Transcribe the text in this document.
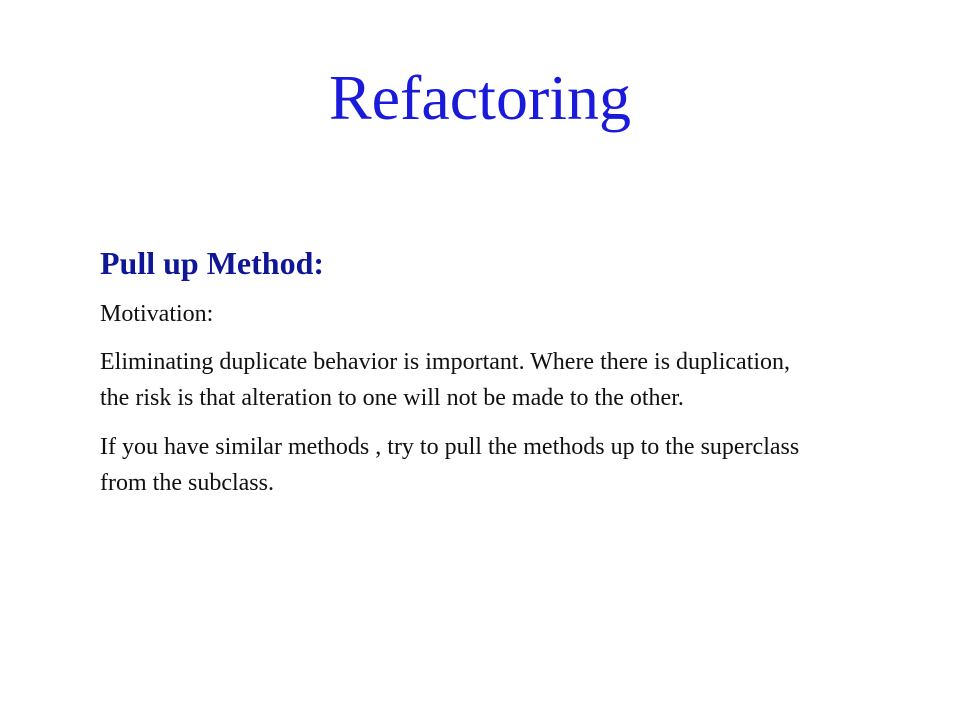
Refactoring
Pull up Method:

Motivation:

Eliminating duplicate behavior is important. Where there is duplication, the risk is that alteration to one will not be made to the other.

If you have similar methods , try to pull the methods up to the superclass from the subclass.
